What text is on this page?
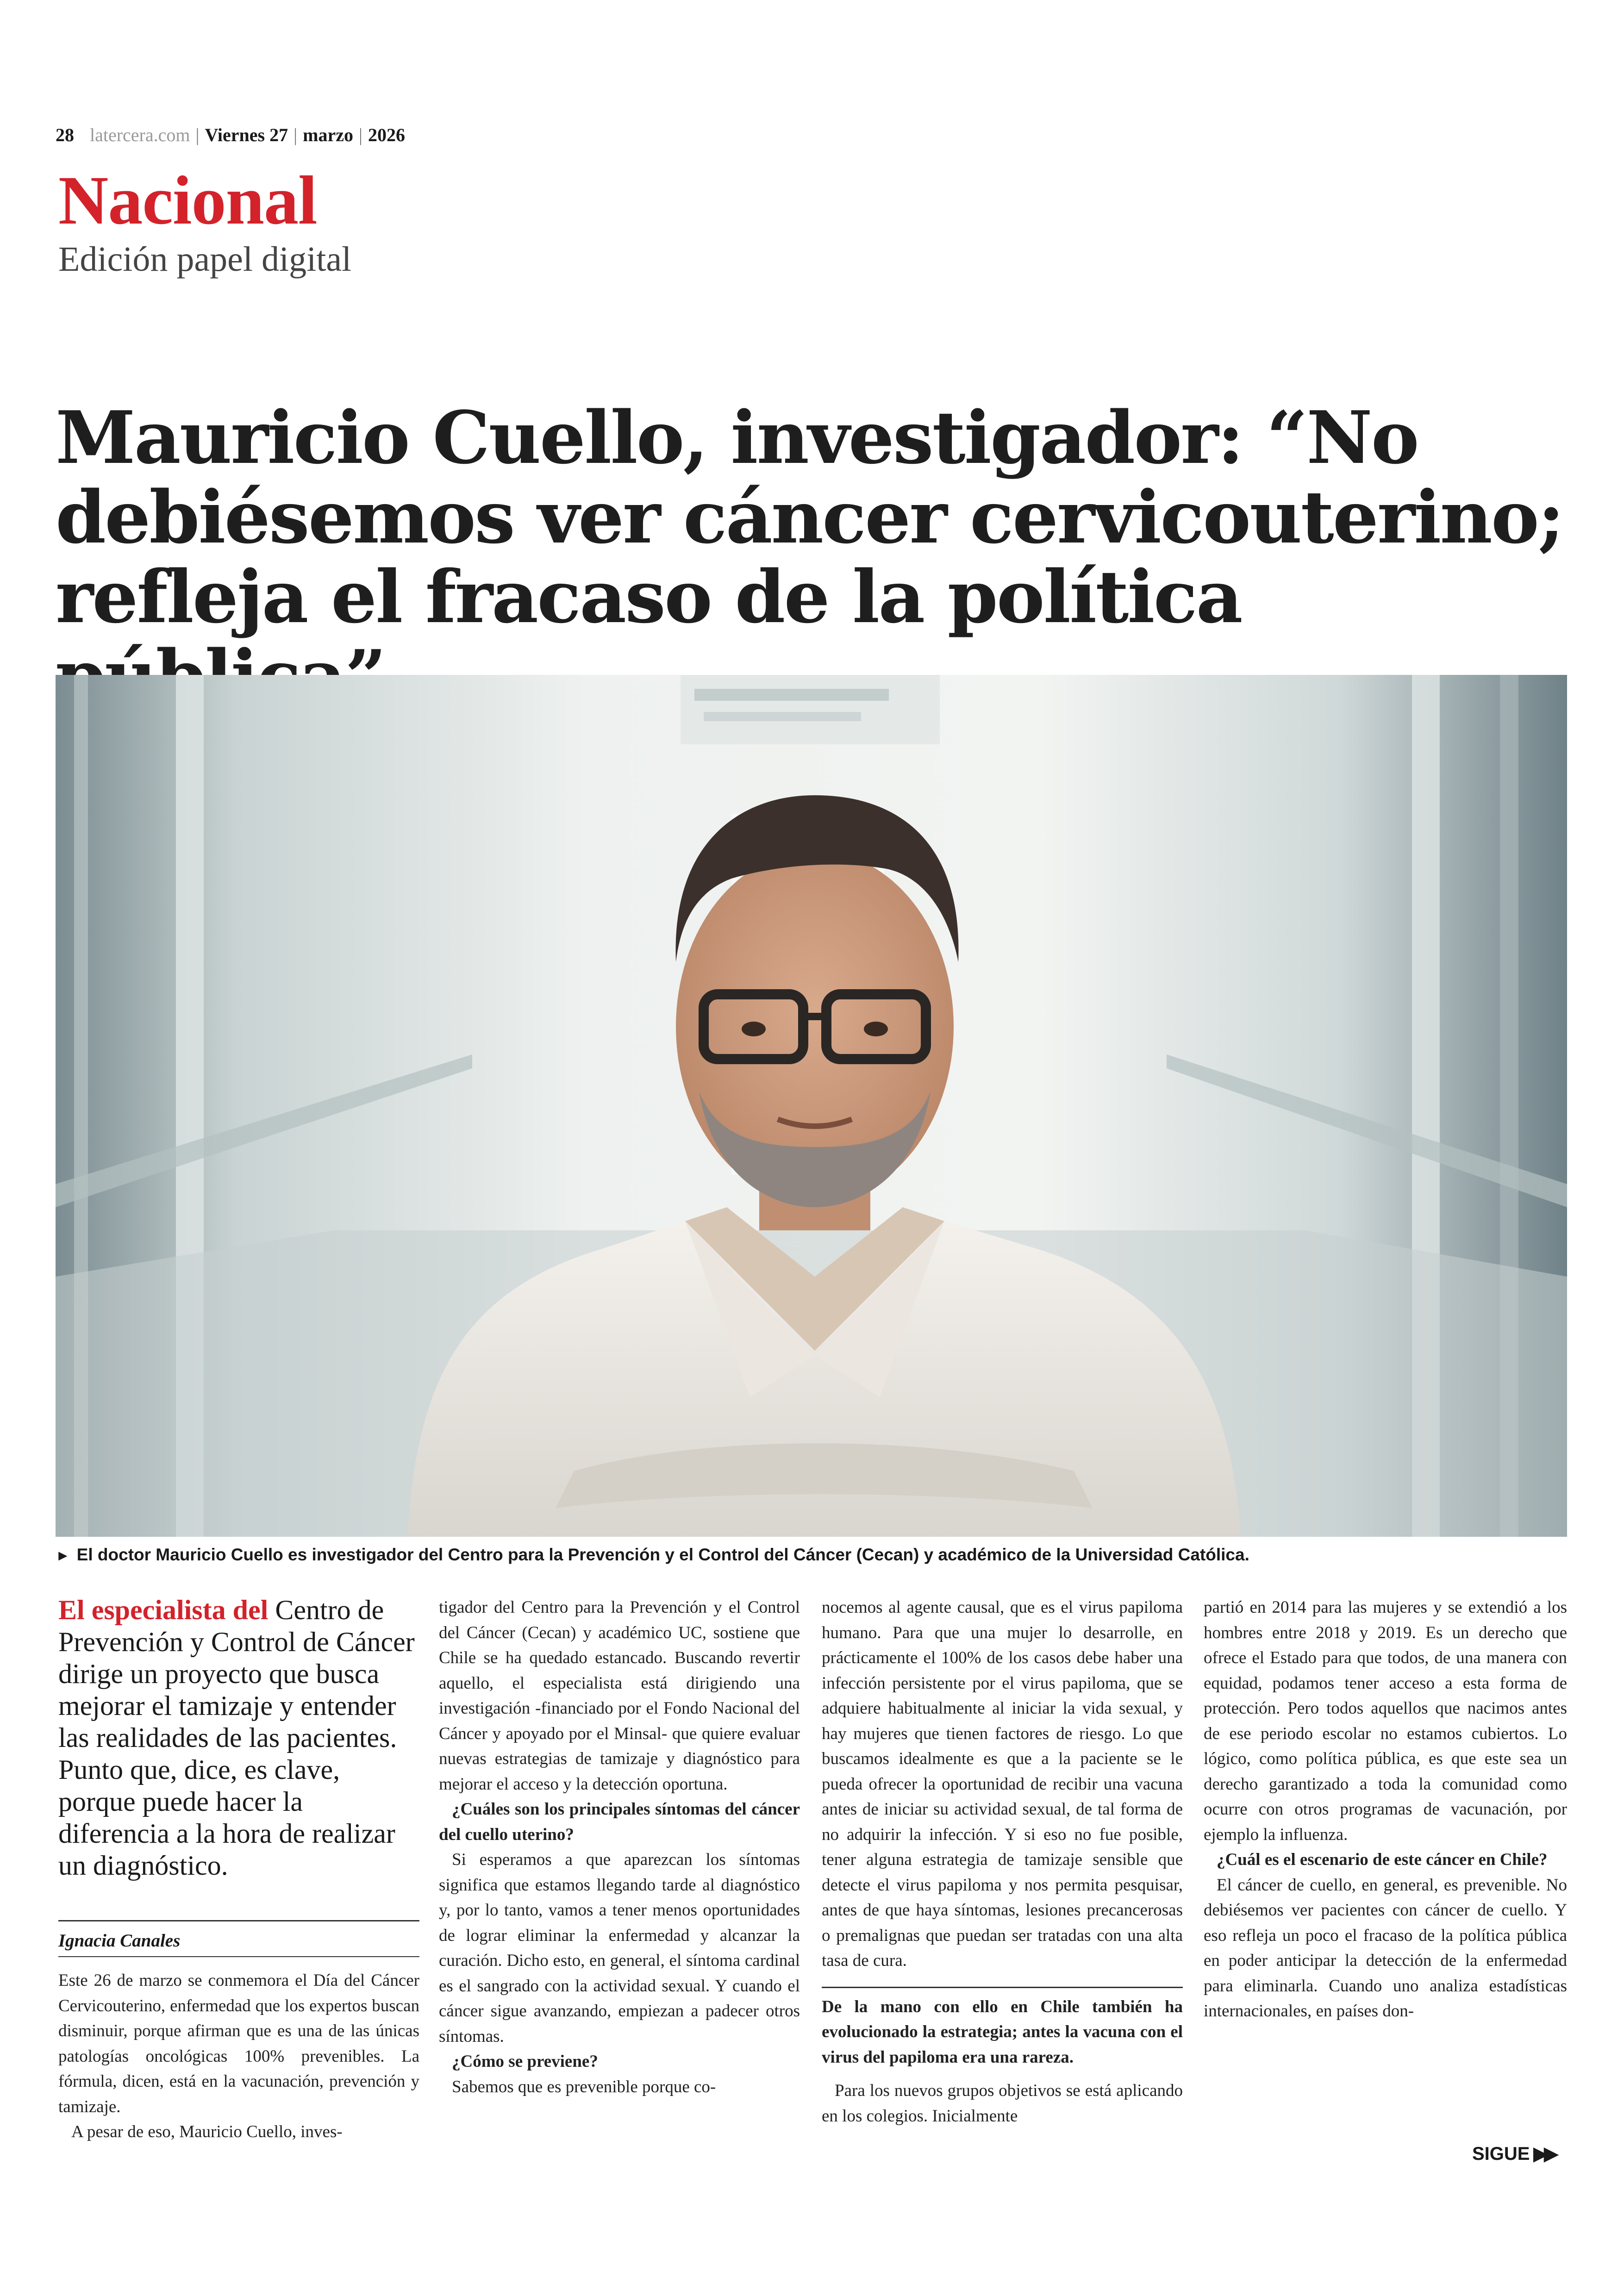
28 latercera.com | Viernes 27 | marzo | 2026
Nacional
Edición papel digital
Mauricio Cuello, investigador: “No
debiésemos ver cáncer cervicouterino;
refleja el fracaso de la política
► El doctor Mauricio Cuello es investigador del Centro para la Prevención y el Control del Cáncer (Cecan) y académico de la Universidad Católica.
El especialista del Centro de Prevención y Control de Cáncer dirige un proyecto que busca mejorar el tamizaje y entender las realidades de las pacientes. Punto que, dice, es clave, porque puede hacer la diferencia a la hora de realizar un diagnóstico.
Ignacia Canales

Este 26 de marzo se conmemora el Día del Cáncer Cervicouterino, enfermedad que los expertos buscan disminuir, porque afirman que es una de las únicas patologías oncológicas 100% prevenibles. La fórmula, dicen, está en la vacunación, prevención y tamizaje.

A pesar de eso, Mauricio Cuello, inves-

tigador del Centro para la Prevención y el Control del Cáncer (Cecan) y académico UC, sostiene que Chile se ha quedado estancado. Buscando revertir aquello, el especialista está dirigiendo una investigación -financiado por el Fondo Nacional del Cáncer y apoyado por el Minsal- que quiere evaluar nuevas estrategias de tamizaje y diagnóstico para mejorar el acceso y la detección oportuna.

¿Cuáles son los principales síntomas del cáncer del cuello uterino?

Si esperamos a que aparezcan los síntomas significa que estamos llegando tarde al diagnóstico y, por lo tanto, vamos a tener menos oportunidades de lograr eliminar la enfermedad y alcanzar la curación. Dicho esto, en general, el síntoma cardinal es el sangrado con la actividad sexual. Y cuando el cáncer sigue avanzando, empiezan a padecer otros síntomas.

¿Cómo se previene?

Sabemos que es prevenible porque co-

nocemos al agente causal, que es el virus papiloma humano. Para que una mujer lo desarrolle, en prácticamente el 100% de los casos debe haber una infección persistente por el virus papiloma, que se adquiere habitualmente al iniciar la vida sexual, y hay mujeres que tienen factores de riesgo. Lo que buscamos idealmente es que a la paciente se le pueda ofrecer la oportunidad de recibir una vacuna antes de iniciar su actividad sexual, de tal forma de no adquirir la infección. Y si eso no fue posible, tener alguna estrategia de tamizaje sensible que detecte el virus papiloma y nos permita pesquisar, antes de que haya síntomas, lesiones precancerosas o premalignas que puedan ser tratadas con una alta tasa de cura.

De la mano con ello en Chile también ha evolucionado la estrategia; antes la vacuna con el virus del papiloma era una rareza.

Para los nuevos grupos objetivos se está aplicando en los colegios. Inicialmente

partió en 2014 para las mujeres y se extendió a los hombres entre 2018 y 2019. Es un derecho que ofrece el Estado para que todos, de una manera con equidad, podamos tener acceso a esta forma de protección. Pero todos aquellos que nacimos antes de ese periodo escolar no estamos cubiertos. Lo lógico, como política pública, es que este sea un derecho garantizado a toda la comunidad como ocurre con otros programas de vacunación, por ejemplo la influenza.

¿Cuál es el escenario de este cáncer en Chile?

El cáncer de cuello, en general, es prevenible. No debiésemos ver pacientes con cáncer de cuello. Y eso refleja un poco el fracaso de la política pública en poder anticipar la detección de la enfermedad para eliminarla. Cuando uno analiza estadísticas internacionales, en países don-

SIGUE ▶▶
